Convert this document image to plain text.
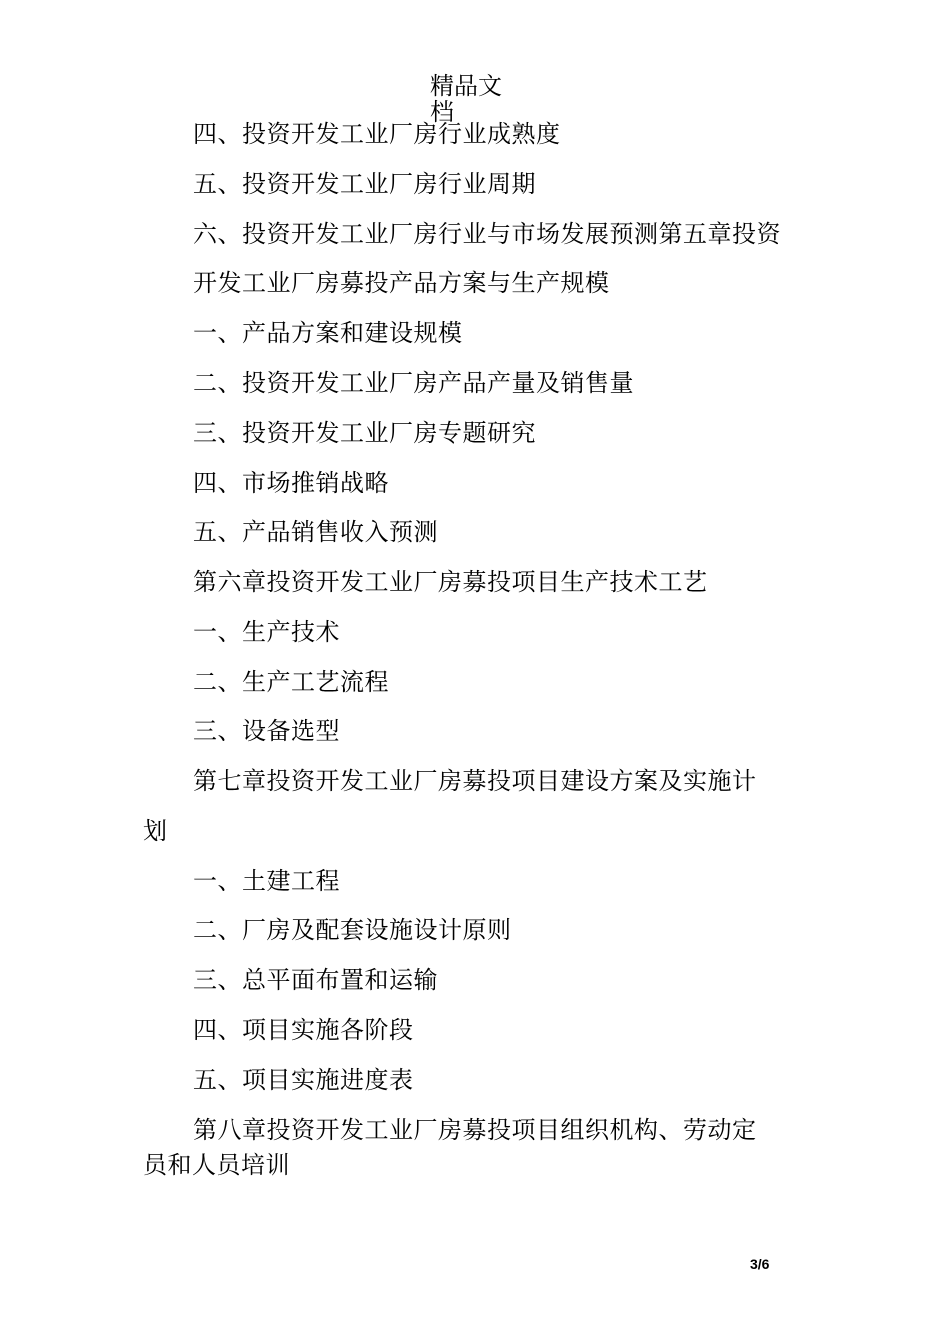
精品文
档
四、投资开发工业厂房行业成熟度
五、投资开发工业厂房行业周期
六、投资开发工业厂房行业与市场发展预测第五章投资
开发工业厂房募投产品方案与生产规模
一、产品方案和建设规模
二、投资开发工业厂房产品产量及销售量
三、投资开发工业厂房专题研究
四、市场推销战略
五、产品销售收入预测
第六章投资开发工业厂房募投项目生产技术工艺
一、生产技术
二、生产工艺流程
三、设备选型
第七章投资开发工业厂房募投项目建设方案及实施计
划
一、土建工程
二、厂房及配套设施设计原则
三、总平面布置和运输
四、项目实施各阶段
五、项目实施进度表
第八章投资开发工业厂房募投项目组织机构、劳动定
员和人员培训
3/6
